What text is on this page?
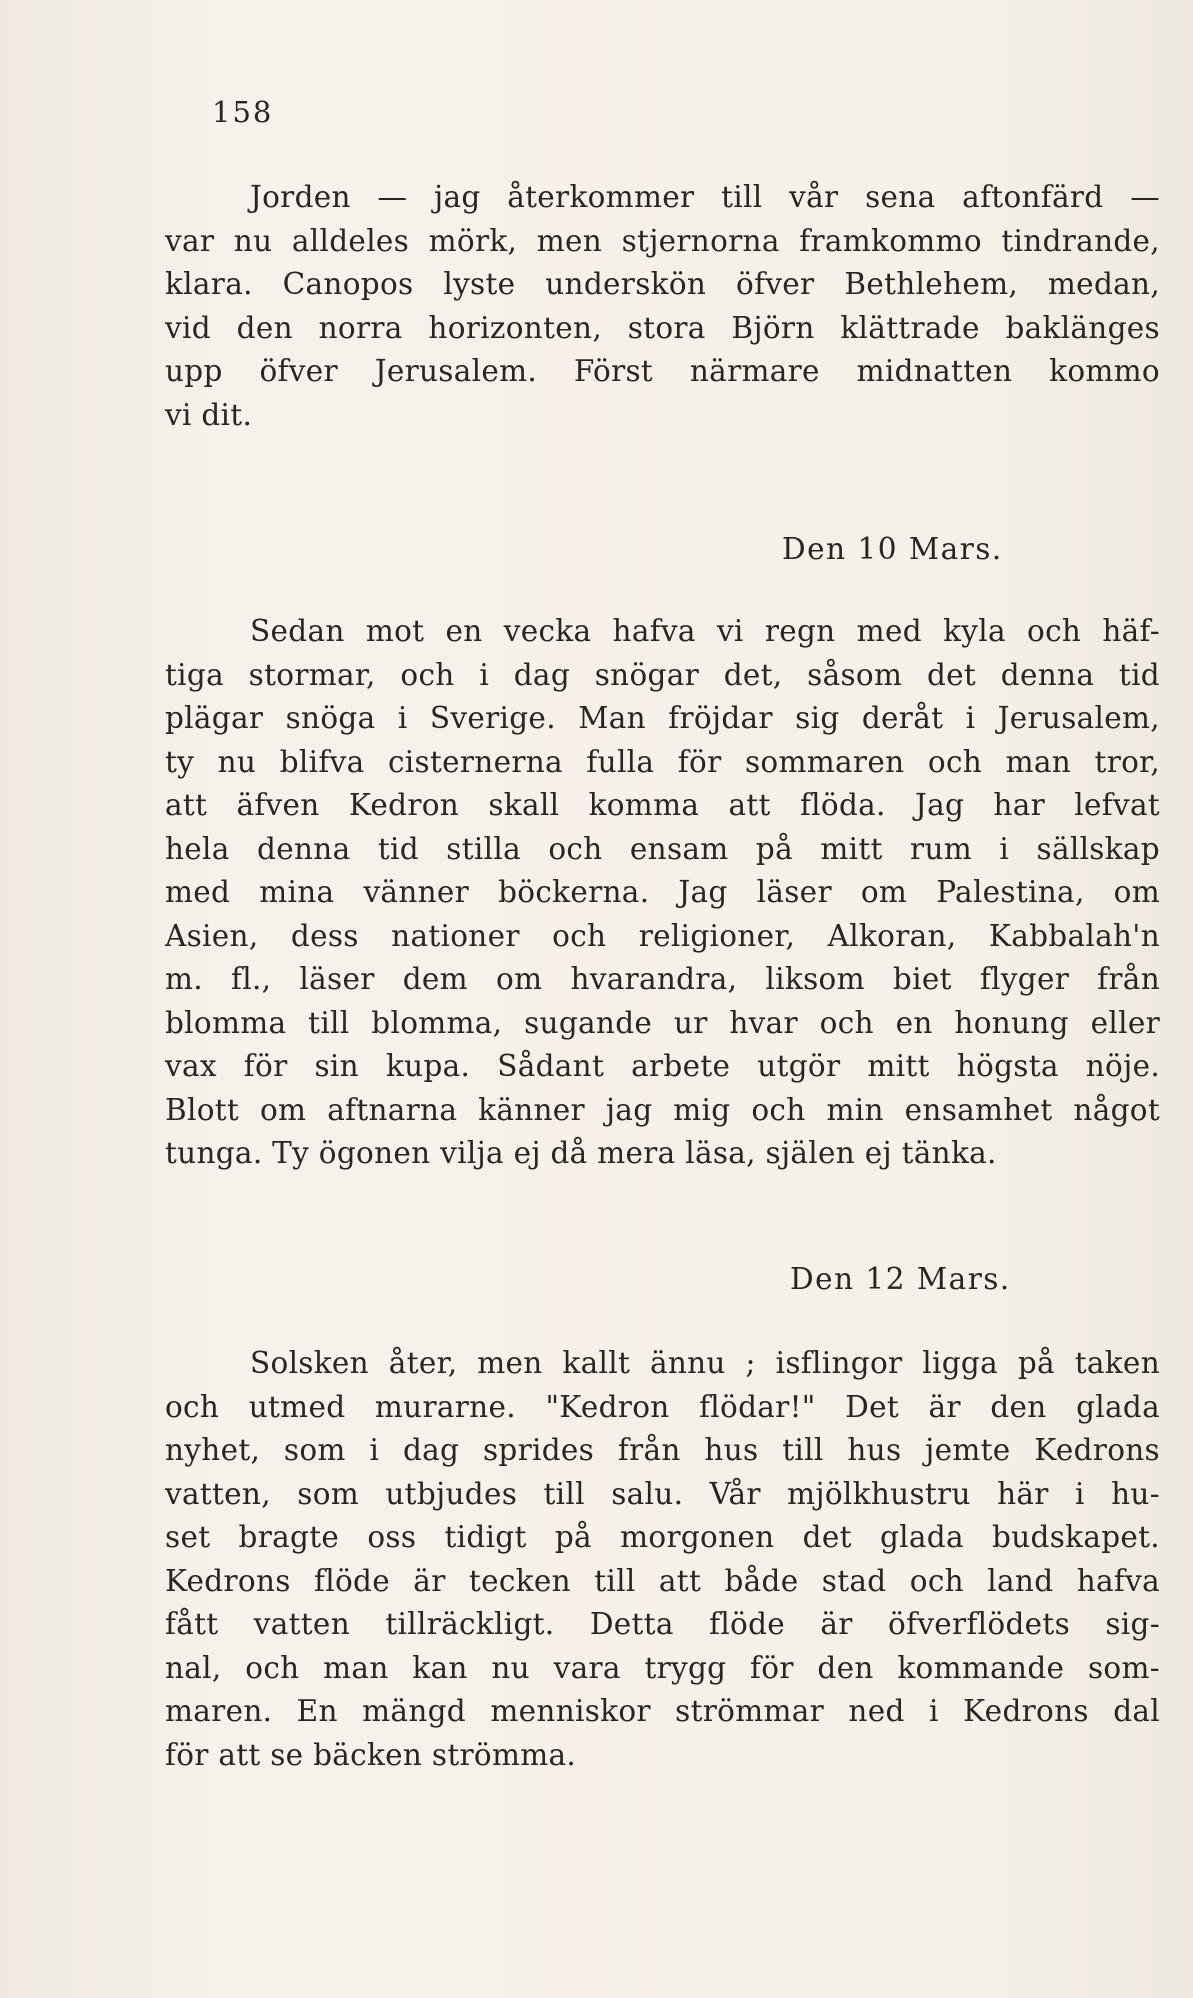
158
Jorden — jag återkommer till vår sena aftonfärd —
var nu alldeles mörk, men stjernorna framkommo tindrande,
klara. Canopos lyste underskön öfver Bethlehem, medan,
vid den norra horizonten, stora Björn klättrade baklänges
upp öfver Jerusalem. Först närmare midnatten kommo
vi dit.
Den 10 Mars.
Sedan mot en vecka hafva vi regn med kyla och häf-
tiga stormar, och i dag snögar det, såsom det denna tid
plägar snöga i Sverige. Man fröjdar sig deråt i Jerusalem,
ty nu blifva cisternerna fulla för sommaren och man tror,
att äfven Kedron skall komma att flöda. Jag har lefvat
hela denna tid stilla och ensam på mitt rum i sällskap
med mina vänner böckerna. Jag läser om Palestina, om
Asien, dess nationer och religioner, Alkoran, Kabbalah'n
m. fl., läser dem om hvarandra, liksom biet flyger från
blomma till blomma, sugande ur hvar och en honung eller
vax för sin kupa. Sådant arbete utgör mitt högsta nöje.
Blott om aftnarna känner jag mig och min ensamhet något
tunga. Ty ögonen vilja ej då mera läsa, själen ej tänka.
Den 12 Mars.
Solsken åter, men kallt ännu ; isflingor ligga på taken
och utmed murarne. "Kedron flödar!" Det är den glada
nyhet, som i dag sprides från hus till hus jemte Kedrons
vatten, som utbjudes till salu. Vår mjölkhustru här i hu-
set bragte oss tidigt på morgonen det glada budskapet.
Kedrons flöde är tecken till att både stad och land hafva
fått vatten tillräckligt. Detta flöde är öfverflödets sig-
nal, och man kan nu vara trygg för den kommande som-
maren. En mängd menniskor strömmar ned i Kedrons dal
för att se bäcken strömma.
